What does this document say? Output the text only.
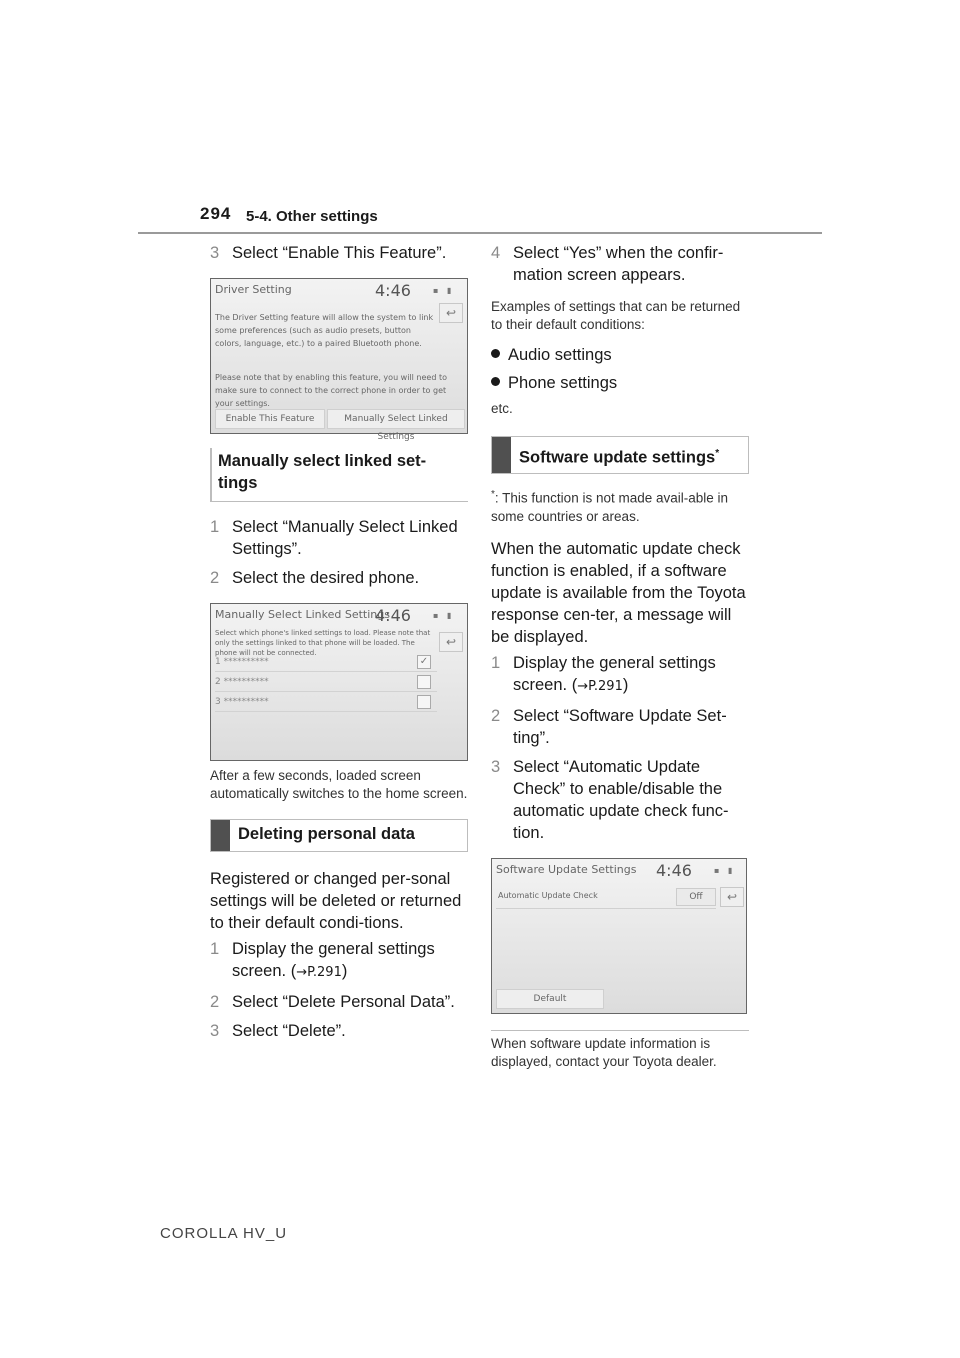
294 5-4. Other settings
3 Select “Enable This Feature”.
Driver Setting	4:46	▪ ▮
↩
The Driver Setting feature will allow the system to link some preferences (such as audio presets, button colors, language, etc.) to a paired Bluetooth phone.
Please note that by enabling this feature, you will need to make sure to connect to the correct phone in order to get your settings.
Enable This Feature	Manually Select Linked Settings
Manually select linked set-tings
1 Select “Manually Select Linked Settings”.
2 Select the desired phone.
Manually Select Linked Settings
4:46	▪ ▮
↩
Select which phone's linked settings to load. Please note that only the settings linked to that phone will be loaded. The phone will not be connected.
1 **********	✓
2 **********
3 **********
After a few seconds, loaded screen automatically switches to the home screen.
Deleting personal data
Registered or changed per-sonal settings will be deleted or returned to their default condi-tions.
1 Display the general settings screen. (→P.291)
2 Select “Delete Personal Data”.
3 Select “Delete”.
4 Select “Yes” when the confir-mation screen appears.
Examples of settings that can be returned to their default conditions:
Audio settings
Phone settings
etc.
Software update settings*
*: This function is not made avail-able in some countries or areas.
When the automatic update check function is enabled, if a software update is available from the Toyota response cen-ter, a message will be displayed.
1 Display the general settings screen. (→P.291)
2 Select “Software Update Set-ting”.
3 Select “Automatic Update Check” to enable/disable the automatic update check func-tion.
Software Update Settings 4:46	▪ ▮
Automatic Update Check	Off	↩
Default
When software update information is displayed, contact your Toyota dealer.
COROLLA HV_U
